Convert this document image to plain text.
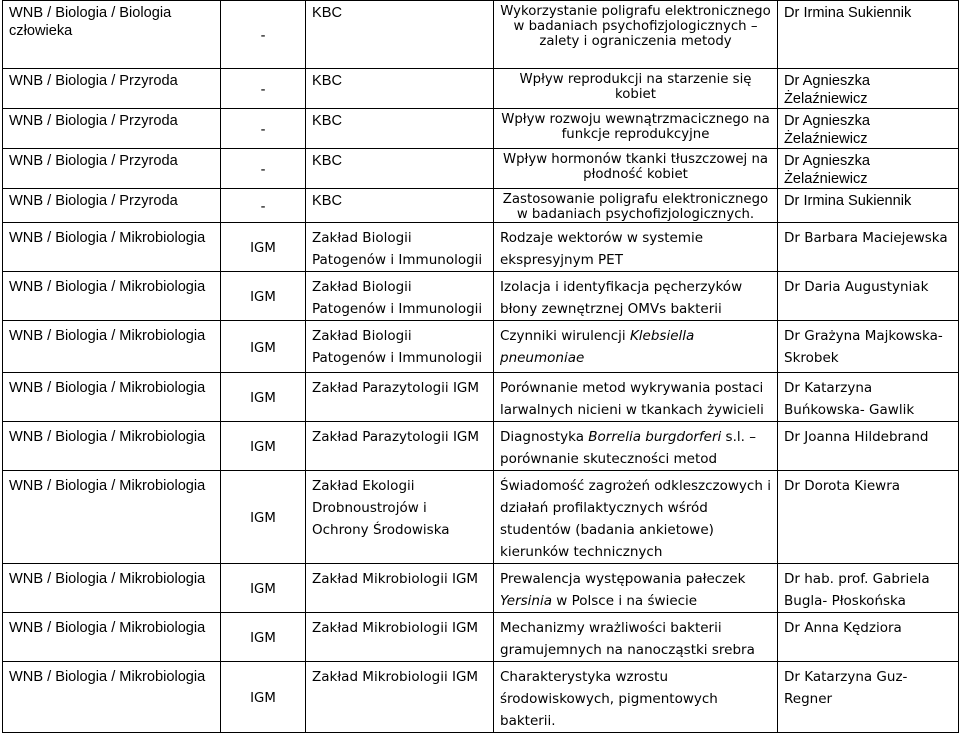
WNB / Biologia / Biologia człowieka	-	KBC	Wykorzystanie poligrafu elektronicznego w badaniach psychofizjologicznych – zalety i ograniczenia metody	Dr Irmina Sukiennik
WNB / Biologia / Przyroda	-	KBC	Wpływ reprodukcji na starzenie się kobiet	Dr Agnieszka Żelaźniewicz
WNB / Biologia / Przyroda	-	KBC	Wpływ rozwoju wewnątrzmacicznego na funkcje reprodukcyjne	Dr Agnieszka Żelaźniewicz
WNB / Biologia / Przyroda	-	KBC	Wpływ hormonów tkanki tłuszczowej na płodność kobiet	Dr Agnieszka Żelaźniewicz
WNB / Biologia / Przyroda	-	KBC	Zastosowanie poligrafu elektronicznego w badaniach psychofizjologicznych.	Dr Irmina Sukiennik
WNB / Biologia / Mikrobiologia	IGM	Zakład Biologii Patogenów i Immunologii	Rodzaje wektorów w systemie ekspresyjnym PET	Dr Barbara Maciejewska
WNB / Biologia / Mikrobiologia	IGM	Zakład Biologii Patogenów i Immunologii	Izolacja i identyfikacja pęcherzyków błony zewnętrznej OMVs bakterii	Dr Daria Augustyniak
WNB / Biologia / Mikrobiologia	IGM	Zakład Biologii Patogenów i Immunologii	Czynniki wirulencji Klebsiella pneumoniae	Dr Grażyna Majkowska-Skrobek
WNB / Biologia / Mikrobiologia	IGM	Zakład Parazytologii IGM	Porównanie metod wykrywania postaci larwalnych nicieni w tkankach żywicieli	Dr Katarzyna Buńkowska- Gawlik
WNB / Biologia / Mikrobiologia	IGM	Zakład Parazytologii IGM	Diagnostyka Borrelia burgdorferi s.l. – porównanie skuteczności metod	Dr Joanna Hildebrand
WNB / Biologia / Mikrobiologia	IGM	Zakład Ekologii Drobnoustrojów i Ochrony Środowiska	Świadomość zagrożeń odkleszczowych i działań profilaktycznych wśród studentów (badania ankietowe) kierunków technicznych	Dr Dorota Kiewra
WNB / Biologia / Mikrobiologia	IGM	Zakład Mikrobiologii IGM	Prewalencja występowania pałeczek Yersinia w Polsce i na świecie	Dr hab. prof. Gabriela Bugla- Płoskońska
WNB / Biologia / Mikrobiologia	IGM	Zakład Mikrobiologii IGM	Mechanizmy wrażliwości bakterii gramujemnych na nanocząstki srebra	Dr Anna Kędziora
WNB / Biologia / Mikrobiologia	IGM	Zakład Mikrobiologii IGM	Charakterystyka wzrostu środowiskowych, pigmentowych bakterii.	Dr Katarzyna Guz-Regner
